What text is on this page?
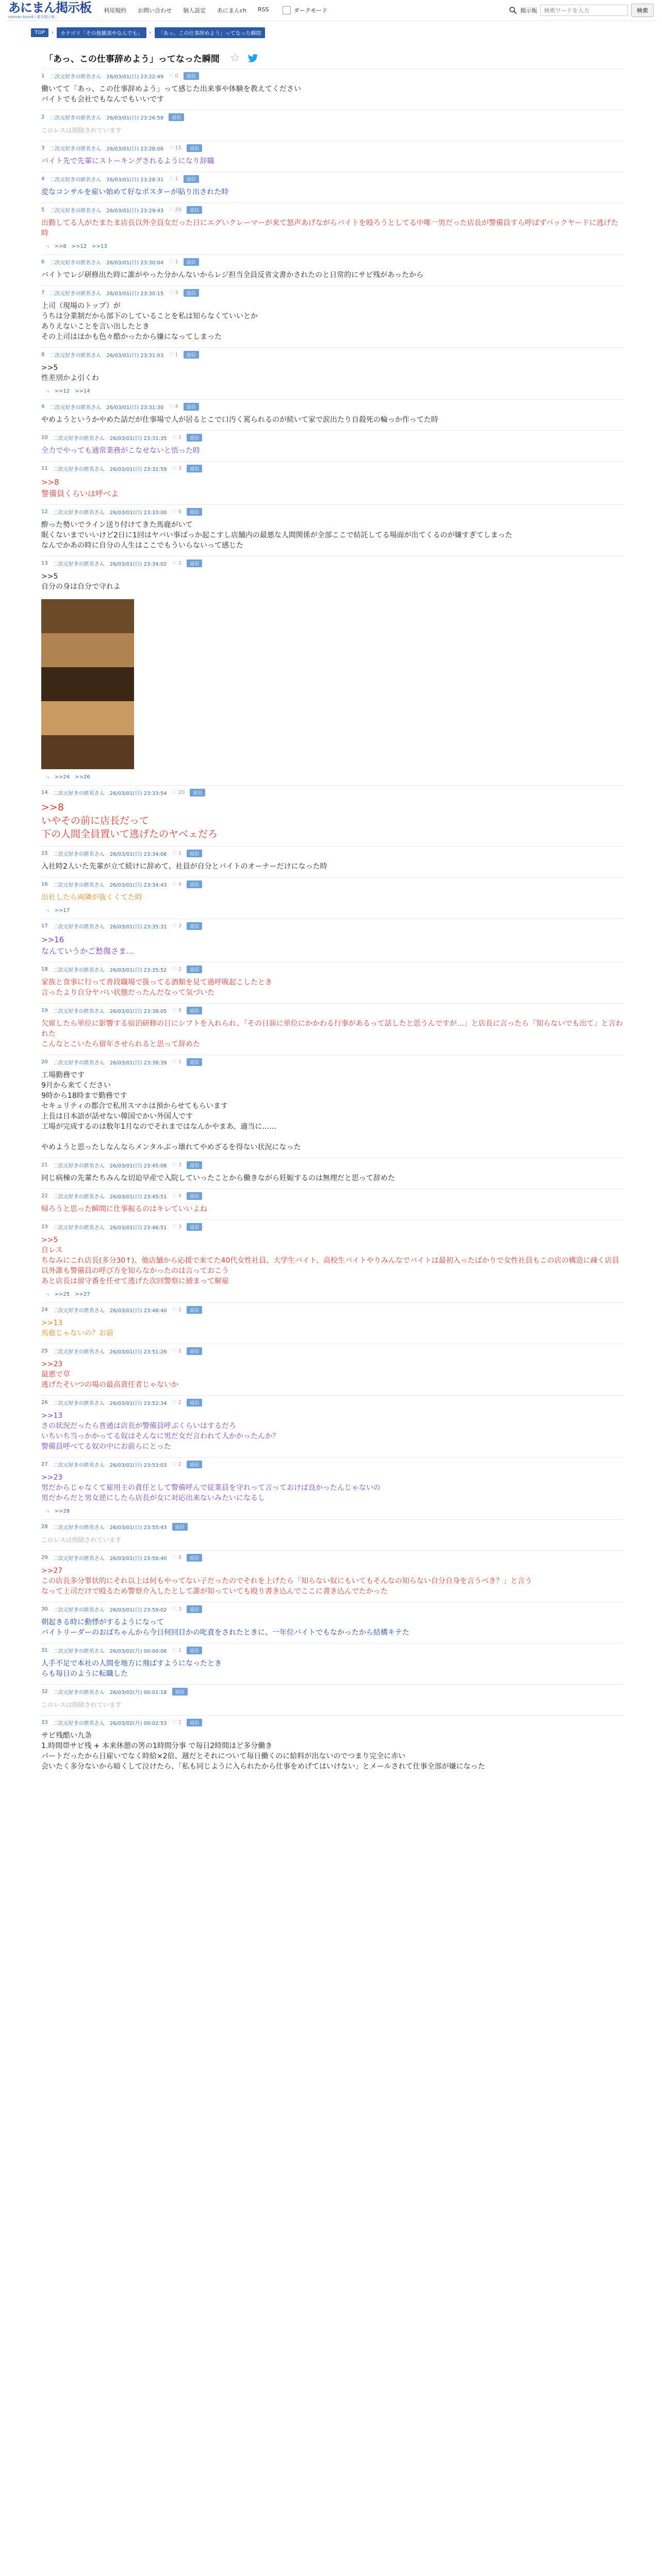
あにまん掲示板
animan board / 匿名掲示板
利用規約 お問い合わせ 個人設定 あにまんch RSS	ダークモード	掲示板
検索ワードを入力	検索
TOP	›	カテゴリ「その他雑談やなんでも」	›	「あっ、この仕事辞めよう」ってなった瞬間
「あっ、この仕事辞めよう」ってなった瞬間 ☆
1 二次元好きの匿名さん 26/03/01(日) 23:22:49 ♡ 0	返信
働いてて「あっ、この仕事辞めよう」って感じた出来事や体験を教えてください
バイトでも会社でもなんでもいいです
2 二次元好きの匿名さん 26/03/01(日) 23:26:58	返信
このレスは削除されています
3 二次元好きの匿名さん 26/03/01(日) 23:28:06 ♡ 15	返信
バイト先で先輩にストーキングされるようになり辞職
4 二次元好きの匿名さん 26/03/01(日) 23:28:31 ♡ 1	返信
変なコンサルを雇い始めて好なポスターが貼り出された時
5 二次元好きの匿名さん 26/03/01(日) 23:29:43 ♡ 20	返信
出勤してる人がたまたま店長以外全員女だった日にエグいクレーマーが来て怒声あげながらバイトを殴ろうとしてる中唯一男だった店長が警備員すら呼ばずバックヤードに逃げた時
⤷ >>8 >>12 >>13
6 二次元好きの匿名さん 26/03/01(日) 23:30:04 ♡ 1	返信
バイトでレジ研修出た時に誰がやった分かんないからレジ担当全員反省文書かされたのと日常的にサビ残があったから
7 二次元好きの匿名さん 26/03/01(日) 23:30:15 ♡ 3	返信
上司（現場のトップ）が
うちは分業制だから部下のしていることを私は知らなくていいとか
ありえないことを言い出したとき
その上司はほかも色々酷かったから嫌になってしまった
8 二次元好きの匿名さん 26/03/01(日) 23:31:03 ♡ 1	返信
>>5
性差別かよ引くわ
⤷ >>12 >>14
9 二次元好きの匿名さん 26/03/01(日) 23:31:30 ♡ 4	返信
やめようというかやめた話だが仕事場で人が居るとこで口汚く罵られるのが続いて家で涙出たり自殺死の輪っか作ってた時
10 二次元好きの匿名さん 26/03/01(日) 23:31:35 ♡ 1	返信
全力でやっても通常業務がこなせないと悟った時
11 二次元好きの匿名さん 26/03/01(日) 23:31:59 ♡ 3	返信
>>8
警備員くらいは呼べよ
12 二次元好きの匿名さん 26/03/01(日) 23:33:00 ♡ 6	返信
酔った勢いでライン送り付けてきた馬鹿がいて
眠くないまでいいけど2日に1回はヤバい事ばっか起こすし店舗内の最悪な人間関係が全部ここで結託してる場面が出てくるのが嫌すぎてしまった
なんでかあの時に自分の人生はここでもういらないって感じた
13 二次元好きの匿名さん 26/03/01(日) 23:34:02 ♡ 2	返信
>>5
自分の身は自分で守れよ
⤷ >>24 >>26
14 二次元好きの匿名さん 26/03/01(日) 23:33:54 ♡ 20	返信
>>8
いやその前に店長だって
下の人間全員置いて逃げたのヤベェだろ
15 二次元好きの匿名さん 26/03/01(日) 23:34:06 ♡ 1	返信
入社時2人いた先輩が立て続けに辞めて、社員が自分とバイトのオーナーだけになった時
16 二次元好きの匿名さん 26/03/01(日) 23:34:43 ♡ 4	返信
出社したら両隣が抜くくてた時
⤷ >>17
17 二次元好きの匿名さん 26/03/01(日) 23:35:31 ♡ 3	返信
>>16
なんていうかご愁傷さま…
18 二次元好きの匿名さん 26/03/01(日) 23:35:52 ♡ 2	返信
家族と食事に行って普段職場で扱ってる酒類を見て過呼吸起こしたとき
言ったより自分ヤバい状態だったんだなって気づいた
19 二次元好きの匿名さん 26/03/01(日) 23:38:05 ♡ 8	返信
欠席したら単位に影響する宿泊研修の日にシフトを入れられ、「その日前に単位にかかわる行事があるって話したと思うんですが…」と店長に言ったら「知らないでも出て」と言われた
こんなとこいたら留年させられると思って辞めた
20 二次元好きの匿名さん 26/03/01(日) 23:38:39 ♡ 1	返信
工場勤務です
9月から来てください
9時から18時まで勤務です
セキュリティの都合で私用スマホは預からせてもらいます
上長は日本語が話せない韓国でかい外国人です
工場が完成するのは数年1月なのでそれまではなんかやまあ、適当に……

やめようと思ったしなんならメンタルぶっ壊れてやめざるを得ない状況になった
21 二次元好きの匿名さん 26/03/01(日) 23:45:08 ♡ 3	返信
同じ病棟の先輩たちみんな切迫早産で入院していったことから働きながら妊娠するのは無理だと思って辞めた
22 二次元好きの匿名さん 26/03/01(日) 23:45:51 ♡ 4	返信
帰ろうと思った瞬間に仕事振るのはキレていいよね
23 二次元好きの匿名さん 26/03/01(日) 23:46:51 ♡ 3	返信
>>5
自レス
ちなみにこれ店長(多分30↑)、他店舗から応援で来てた40代女性社員、大学生バイト、高校生バイトやりみんなでバイトは最初入ったばかりで女性社員もこの店の構造に疎く店員以外誰も警備員の呼び方を知らなかったのは言っておこう
あと店長は留守番を任せて逃げた次回警察に捕まって解雇
⤷ >>25 >>27
24 二次元好きの匿名さん 26/03/01(日) 23:48:40 ♡ 1	返信
>>13
馬鹿じゃないの？お前
25 二次元好きの匿名さん 26/03/01(日) 23:51:26 ♡ 2	返信
>>23
最悪で草
逃げたそいつの場の最高責任者じゃないか
26 二次元好きの匿名さん 26/03/01(日) 23:52:34 ♡ 2	返信
>>13
さの状況だったら普通は店長が警備員呼ぶくらいはするだろ
いちいち当っかかってる奴はそんなに男だ女だ言われて人かかったんか？
警備員呼べてる奴の中にお前らにとった
27 二次元好きの匿名さん 26/03/01(日) 23:53:03 ♡ 2	返信
>>23
男だからじゃなくて雇用主の責任として警備呼んで従業員を守れって言っておけば良かったんじゃないの
男だからだと男女逆にしたら店長が女に対応出来ないみたいになるし
⤷ >>28
28 二次元好きの匿名さん 26/03/01(日) 23:55:43	返信
このレスは削除されています
29 二次元好きの匿名さん 26/03/01(日) 23:56:40 ♡ 8	返信
>>27
この店長多分罪状的にそれ以上は何もやってない子だったのでそれを上げたら「知らない奴にもいてもそんなの知らない自分自身を言うべき？」と言う
なって上司だけで殴るため警察介入したとして誰が知っていても殴り書き込んでここに書き込んでたかった
30 二次元好きの匿名さん 26/03/01(日) 23:59:02 ♡ 3	返信
朝起きる時に動悸がするようになって
バイトリーダーのおばちゃんから今日何回目かの叱責をされたときに、一年位バイトでもなかったから結構キテた
31 二次元好きの匿名さん 26/03/02(月) 00:00:06 ♡ 1	返信
人手不足で本社の人間を地方に飛ばすようになったとき
らも毎日のように転職した
32 二次元好きの匿名さん 26/03/02(月) 00:01:18	返信
このレスは削除されています
33 二次元好きの匿名さん 26/03/02(月) 00:02:53 ♡ 2	返信
サビ残酷い九条
1.時間帯サビ残 + 本来休憩の筈の1時間分事 で毎日2時間ほど多分働き
パートだったから日雇いでなく時給×2倍、週だとそれについて毎日働くのに給料が出ないのでつまり完全に赤い
会いたく多分ないから暗くして泣けたら、「私も同じように入られたから仕事をめげてはいけない」とメールされて仕事全部が嫌になった
